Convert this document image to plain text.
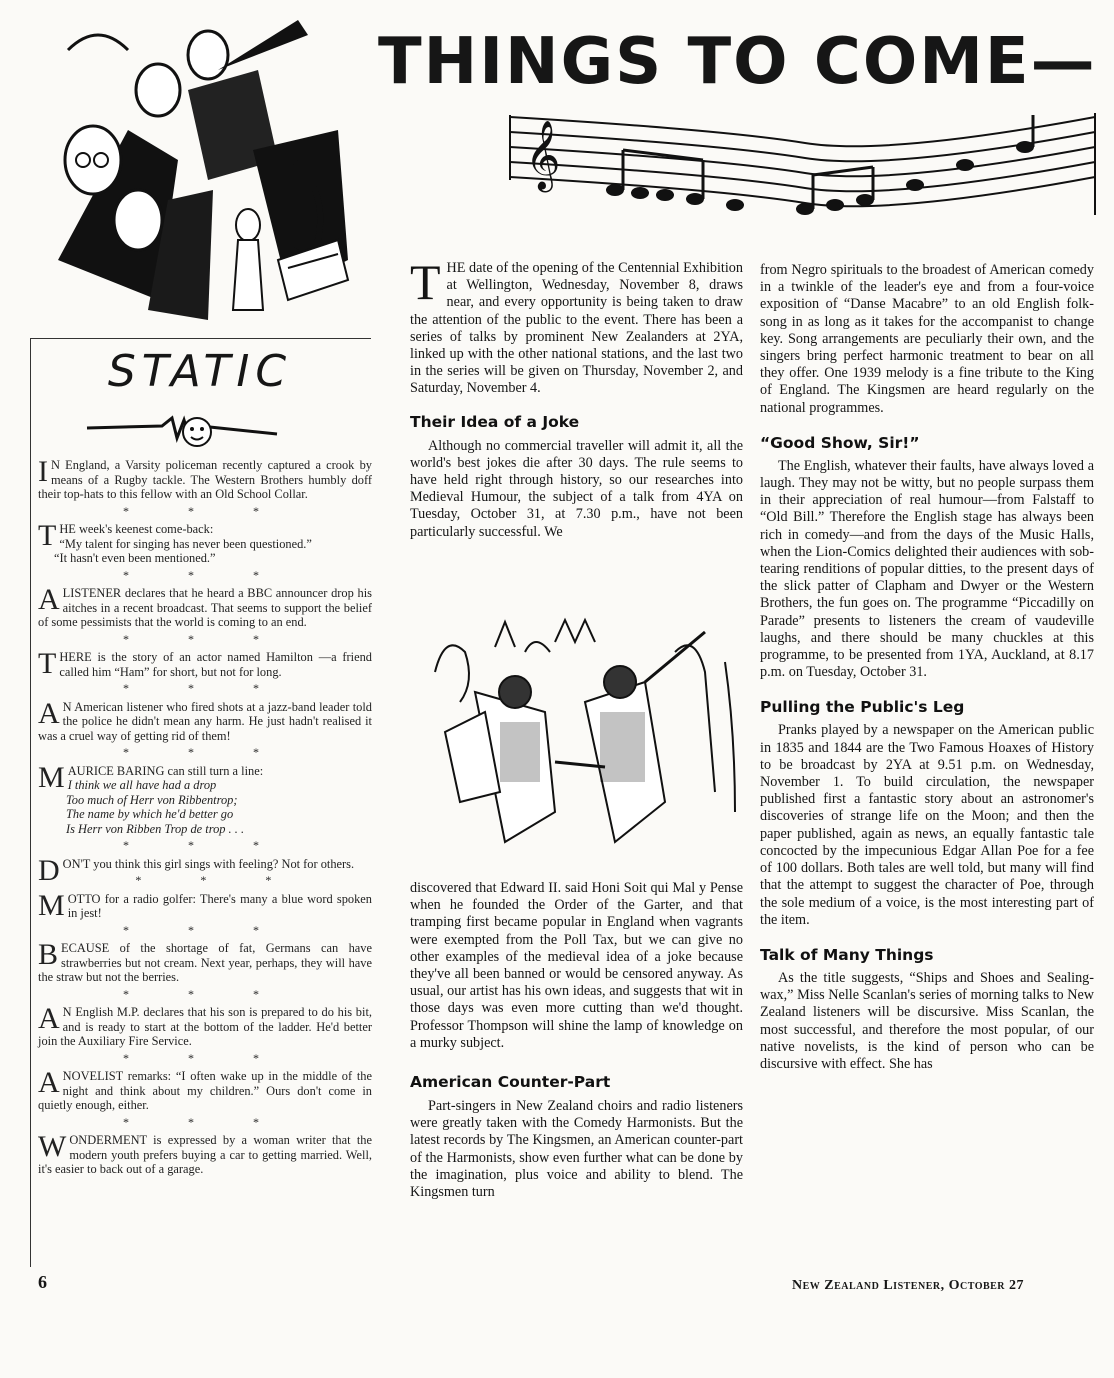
THINGS TO COME—
𝄞
STATIC
I N England, a Varsity policeman recently captured a crook by means of a Rugby tackle. The Western Brothers humbly doff their top-hats to this fellow with an Old School Collar.
* * *
THE week's keenest come-back:
“My talent for singing has never been questioned.”
“It hasn't even been mentioned.”
* * *
A LISTENER declares that he heard a BBC announcer drop his aitches in a recent broadcast. That seems to support the belief of some pessimists that the world is coming to an end.
* * *
THERE is the story of an actor named Hamilton —a friend called him “Ham” for short, but not for long.
* * *
A N American listener who fired shots at a jazz-band leader told the police he didn't mean any harm. He just hadn't realised it was a cruel way of getting rid of them!
* * *
MAURICE BARING can still turn a line:
I think we all have had a drop
Too much of Herr von Ribbentrop;
The name by which he'd better go
Is Herr von Ribben Trop de trop . . .
* * *
DON'T you think this girl sings with feeling? Not for others.
* * *
MOTTO for a radio golfer: There's many a blue word spoken in jest!
* * *
BECAUSE of the shortage of fat, Germans can have strawberries but not cream. Next year, perhaps, they will have the straw but not the berries.
* * *
A N English M.P. declares that his son is prepared to do his bit, and is ready to start at the bottom of the ladder. He'd better join the Auxiliary Fire Service.
* * *
A NOVELIST remarks: “I often wake up in the middle of the night and think about my children.” Ours don't come in quietly enough, either.
* * *
WONDERMENT is expressed by a woman writer that the modern youth prefers buying a car to getting married. Well, it's easier to back out of a garage.
6

THE date of the opening of the Centennial Exhibition at Wellington, Wednesday, November 8, draws near, and every opportunity is being taken to draw the attention of the public to the event. There has been a series of talks by prominent New Zealanders at 2YA, linked up with the other national stations, and the last two in the series will be given on Thursday, November 2, and Saturday, November 4.

Their Idea of a Joke

Although no commercial traveller will admit it, all the world's best jokes die after 30 days. The rule seems to have held right through history, so our researches into Medieval Humour, the subject of a talk from 4YA on Tuesday, October 31, at 7.30 p.m., have not been particularly successful. We

discovered that Edward II. said Honi Soit qui Mal y Pense when he founded the Order of the Garter, and that tramping first became popular in England when vagrants were exempted from the Poll Tax, but we can give no other examples of the medieval idea of a joke because they've all been banned or would be censored anyway. As usual, our artist has his own ideas, and suggests that wit in those days was even more cutting than we'd thought. Professor Thompson will shine the lamp of knowledge on a murky subject.

American Counter-Part

Part-singers in New Zealand choirs and radio listeners were greatly taken with the Comedy Harmonists. But the latest records by The Kingsmen, an American counter-part of the Harmonists, show even further what can be done by the imagination, plus voice and ability to blend. The Kingsmen turn

from Negro spirituals to the broadest of American comedy in a twinkle of the leader's eye and from a four-voice exposition of “Danse Macabre” to an old English folk-song in as long as it takes for the accompanist to change key. Song arrangements are peculiarly their own, and the singers bring perfect harmonic treatment to bear on all they offer. One 1939 melody is a fine tribute to the King of England. The Kingsmen are heard regularly on the national programmes.

“Good Show, Sir!”

The English, whatever their faults, have always loved a laugh. They may not be witty, but no people surpass them in their appreciation of real humour—from Falstaff to “Old Bill.” Therefore the English stage has always been rich in comedy—and from the days of the Music Halls, when the Lion-Comics delighted their audiences with sob-tearing renditions of popular ditties, to the present days of the slick patter of Clapham and Dwyer or the Western Brothers, the fun goes on. The programme “Piccadilly on Parade” presents to listeners the cream of vaudeville laughs, and there should be many chuckles at this programme, to be presented from 1YA, Auckland, at 8.17 p.m. on Tuesday, October 31.

Pulling the Public's Leg

Pranks played by a newspaper on the American public in 1835 and 1844 are the Two Famous Hoaxes of History to be broadcast by 2YA at 9.51 p.m. on Wednesday, November 1. To build circulation, the newspaper published first a fantastic story about an astronomer's discoveries of strange life on the Moon; and then the paper published, again as news, an equally fantastic tale concocted by the impecunious Edgar Allan Poe for a fee of 100 dollars. Both tales are well told, but many will find that the attempt to suggest the character of Poe, through the sole medium of a voice, is the most interesting part of the item.

Talk of Many Things

As the title suggests, “Ships and Shoes and Sealing-wax,” Miss Nelle Scanlan's series of morning talks to New Zealand listeners will be discursive. Miss Scanlan, the most successful, and therefore the most popular, of our native novelists, is the kind of person who can be discursive with effect. She has

New Zealand Listener, October 27
